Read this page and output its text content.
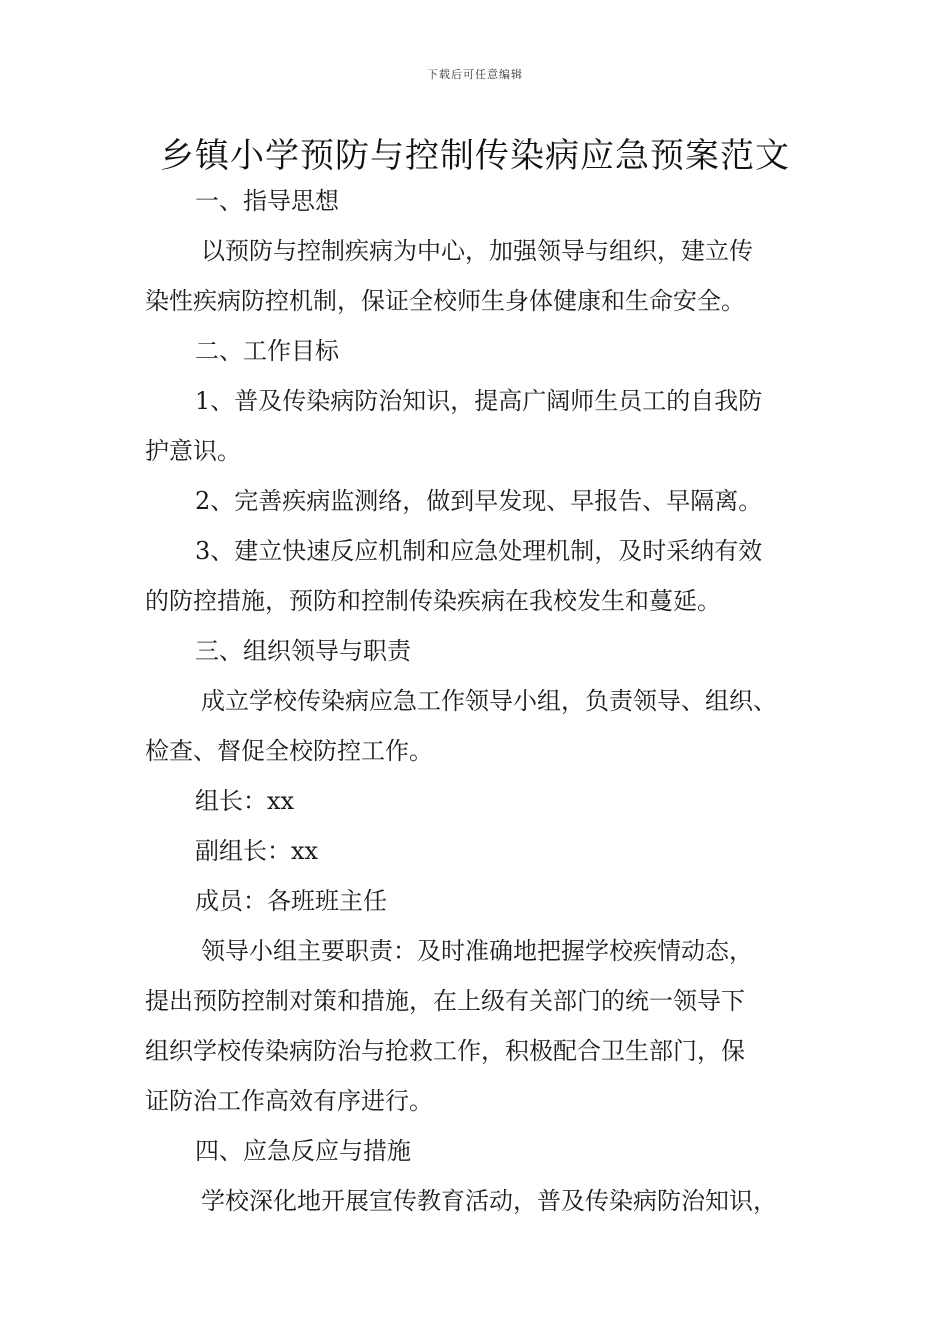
下载后可任意编辑
乡镇小学预防与控制传染病应急预案范文
一、指导思想
以预防与控制疾病为中心，加强领导与组织，建立传
染性疾病防控机制，保证全校师生身体健康和生命安全。
二、工作目标
1、普及传染病防治知识，提高广阔师生员工的自我防
护意识。
2、完善疾病监测络，做到早发现、早报告、早隔离。
3、建立快速反应机制和应急处理机制，及时采纳有效
的防控措施，预防和控制传染疾病在我校发生和蔓延。
三、组织领导与职责
成立学校传染病应急工作领导小组，负责领导、组织、
检查、督促全校防控工作。
组长：xx
副组长：xx
成员：各班班主任
领导小组主要职责：及时准确地把握学校疾情动态，
提出预防控制对策和措施，在上级有关部门的统一领导下
组织学校传染病防治与抢救工作，积极配合卫生部门，保
证防治工作高效有序进行。
四、应急反应与措施
学校深化地开展宣传教育活动，普及传染病防治知识，
